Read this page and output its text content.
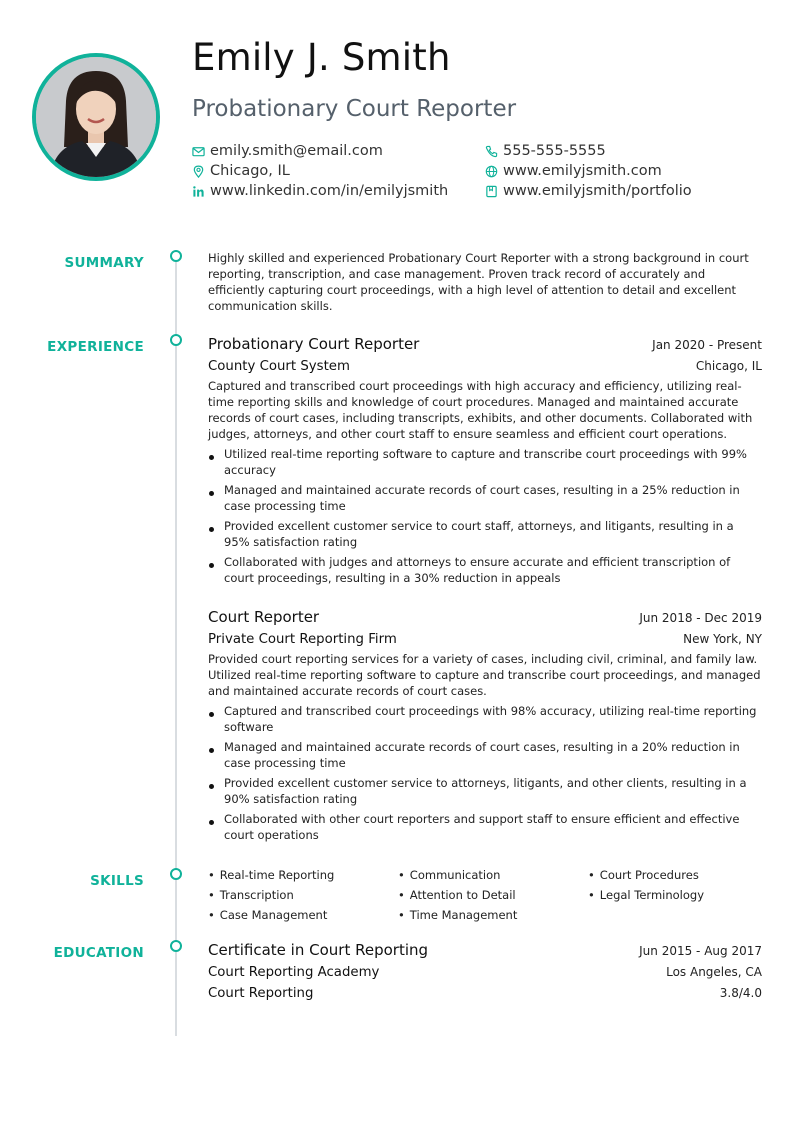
Emily J. Smith
Probationary Court Reporter
emily.smith@email.com	555-555-5555
Chicago, IL	www.emilyjsmith.com
www.linkedin.com/in/emilyjsmith	www.emilyjsmith/portfolio
SUMMARY
EXPERIENCE
SKILLS
EDUCATION
Highly skilled and experienced Probationary Court Reporter with a strong background in court reporting, transcription, and case management. Proven track record of accurately and efficiently capturing court proceedings, with a high level of attention to detail and excellent communication skills.
Probationary Court Reporter	Jan 2020 - Present
County Court System	Chicago, IL
Captured and transcribed court proceedings with high accuracy and efficiency, utilizing real-time reporting skills and knowledge of court procedures. Managed and maintained accurate records of court cases, including transcripts, exhibits, and other documents. Collaborated with judges, attorneys, and other court staff to ensure seamless and efficient court operations.
Utilized real-time reporting software to capture and transcribe court proceedings with 99% accuracy
Managed and maintained accurate records of court cases, resulting in a 25% reduction in case processing time
Provided excellent customer service to court staff, attorneys, and litigants, resulting in a 95% satisfaction rating
Collaborated with judges and attorneys to ensure accurate and efficient transcription of court proceedings, resulting in a 30% reduction in appeals
Court Reporter	Jun 2018 - Dec 2019
Private Court Reporting Firm	New York, NY
Provided court reporting services for a variety of cases, including civil, criminal, and family law. Utilized real-time reporting software to capture and transcribe court proceedings, and managed and maintained accurate records of court cases.
Captured and transcribed court proceedings with 98% accuracy, utilizing real-time reporting software
Managed and maintained accurate records of court cases, resulting in a 20% reduction in case processing time
Provided excellent customer service to attorneys, litigants, and other clients, resulting in a 90% satisfaction rating
Collaborated with other court reporters and support staff to ensure efficient and effective court operations
• Real-time Reporting	• Communication	• Court Procedures
• Transcription	• Attention to Detail	• Legal Terminology
• Case Management	• Time Management
Certificate in Court Reporting	Jun 2015 - Aug 2017
Court Reporting Academy	Los Angeles, CA
Court Reporting	3.8/4.0
